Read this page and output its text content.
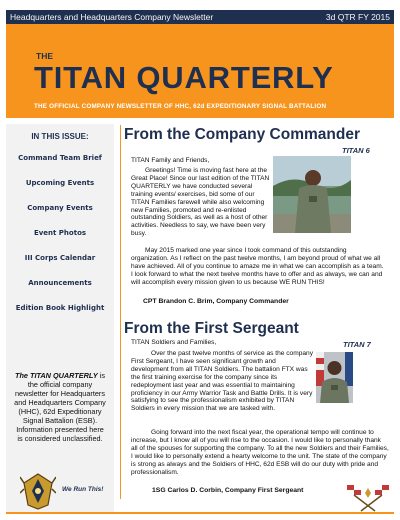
Headquarters and Headquarters Company Newsletter	3d QTR FY 2015
THE
TITAN QUARTERLY
THE OFFICIAL COMPANY NEWSLETTER OF HHC, 62d EXPEDITIONARY SIGNAL BATTALION
IN THIS ISSUE:
Command Team Brief
Upcoming Events
Company Events
Event Photos
III Corps Calendar
Announcements
Edition Book Highlight
The TITAN QUARTERLY is the official company newsletter for Headquarters and Headquarters Company (HHC), 62d Expeditionary Signal Battalion (ESB). Information presented here is considered unclassified.
We Run This!
From the Company Commander
TITAN 6
TITAN Family and Friends,
Greetings! Time is moving fast here at the Great Place! Since our last edition of the TITAN QUARTERLY we have conducted several training events/ exercises, bid some of our TITAN Families farewell while also welcoming new Families, promoted and re-enlisted outstanding Soldiers, as well as a host of other activities. Needless to say, we have been very busy.
May 2015 marked one year since I took command of this outstanding organization. As I reflect on the past twelve months, I am beyond proud of what we all have achieved. All of you continue to amaze me in what we can accomplish as a team. I look forward to what the next twelve months have to offer and as always, we can and will accomplish every mission given to us because WE RUN THIS!
CPT Brandon C. Brim, Company Commander
From the First Sergeant
TITAN 7
TITAN Soldiers and Families,
Over the past twelve months of service as the company First Sergeant, I have seen significant growth and development from all TITAN Soldiers. The battalion FTX was the first training exercise for the company since its redeployment last year and was essential to maintaining proficiency in our Army Warrior Task and Battle Drills. It is very satisfying to see the professionalism exhibited by TITAN Soldiers in every mission that we are tasked with.
Going forward into the next fiscal year, the operational tempo will continue to increase, but I know all of you will rise to the occasion. I would like to personally thank all of the spouses for supporting the company. To all the new Soldiers and their Families, I would like to personally extend a hearty welcome to the unit. The state of the company is strong as always and the Soldiers of HHC, 62d ESB will do our duty with pride and professionalism.
1SG Carlos D. Corbin, Company First Sergeant
